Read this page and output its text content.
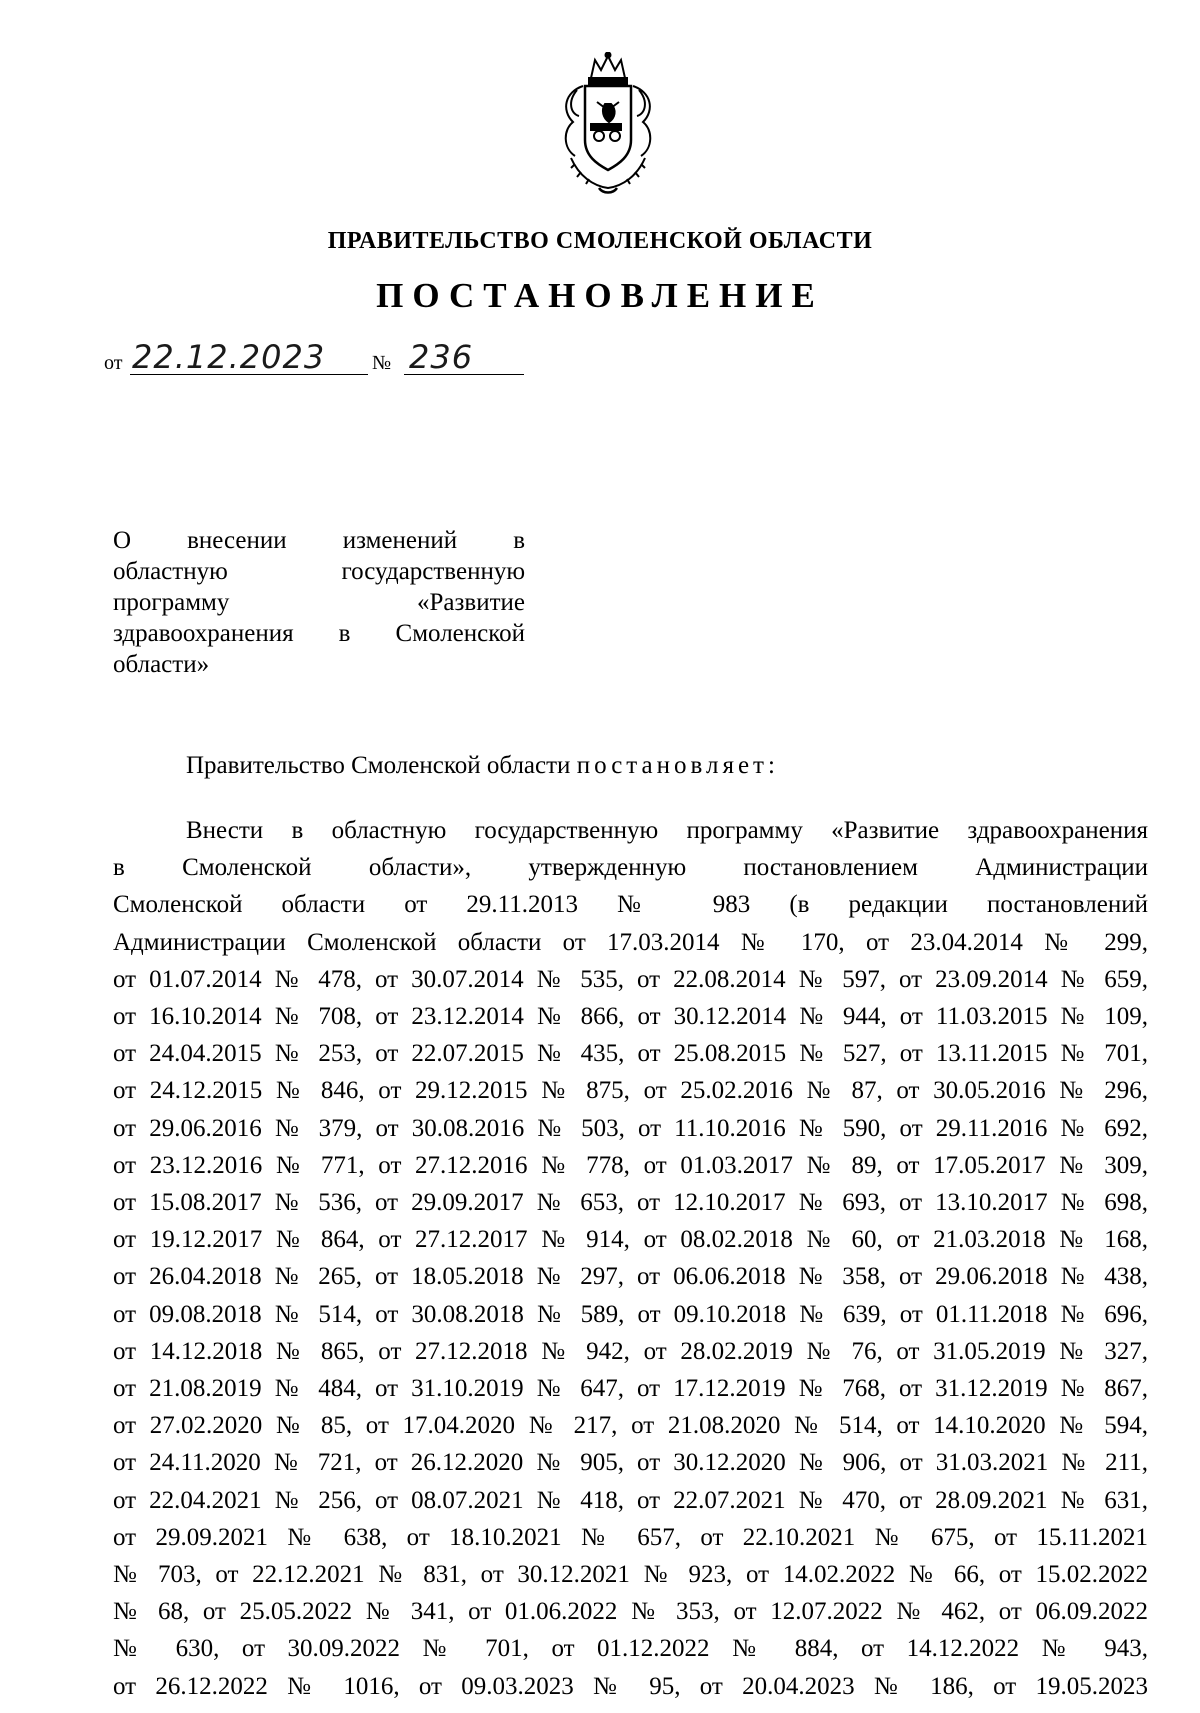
ПРАВИТЕЛЬСТВО СМОЛЕНСКОЙ ОБЛАСТИ
ПОСТАНОВЛЕНИЕ
от 22.12.2023 № 236
О внесении изменений в
областную государственную
программу «Развитие
здравоохранения в Смоленской
области»
Правительство Смоленской области постановляет:
Внести в областную государственную программу «Развитие здравоохранения
в Смоленской области», утвержденную постановлением Администрации
Смоленской области от 29.11.2013 № 983 (в редакции постановлений
Администрации Смоленской области от 17.03.2014 № 170, от 23.04.2014 № 299,
от 01.07.2014 № 478, от 30.07.2014 № 535, от 22.08.2014 № 597, от 23.09.2014 № 659,
от 16.10.2014 № 708, от 23.12.2014 № 866, от 30.12.2014 № 944, от 11.03.2015 № 109,
от 24.04.2015 № 253, от 22.07.2015 № 435, от 25.08.2015 № 527, от 13.11.2015 № 701,
от 24.12.2015 № 846, от 29.12.2015 № 875, от 25.02.2016 № 87, от 30.05.2016 № 296,
от 29.06.2016 № 379, от 30.08.2016 № 503, от 11.10.2016 № 590, от 29.11.2016 № 692,
от 23.12.2016 № 771, от 27.12.2016 № 778, от 01.03.2017 № 89, от 17.05.2017 № 309,
от 15.08.2017 № 536, от 29.09.2017 № 653, от 12.10.2017 № 693, от 13.10.2017 № 698,
от 19.12.2017 № 864, от 27.12.2017 № 914, от 08.02.2018 № 60, от 21.03.2018 № 168,
от 26.04.2018 № 265, от 18.05.2018 № 297, от 06.06.2018 № 358, от 29.06.2018 № 438,
от 09.08.2018 № 514, от 30.08.2018 № 589, от 09.10.2018 № 639, от 01.11.2018 № 696,
от 14.12.2018 № 865, от 27.12.2018 № 942, от 28.02.2019 № 76, от 31.05.2019 № 327,
от 21.08.2019 № 484, от 31.10.2019 № 647, от 17.12.2019 № 768, от 31.12.2019 № 867,
от 27.02.2020 № 85, от 17.04.2020 № 217, от 21.08.2020 № 514, от 14.10.2020 № 594,
от 24.11.2020 № 721, от 26.12.2020 № 905, от 30.12.2020 № 906, от 31.03.2021 № 211,
от 22.04.2021 № 256, от 08.07.2021 № 418, от 22.07.2021 № 470, от 28.09.2021 № 631,
от 29.09.2021 № 638, от 18.10.2021 № 657, от 22.10.2021 № 675, от 15.11.2021
№ 703, от 22.12.2021 № 831, от 30.12.2021 № 923, от 14.02.2022 № 66, от 15.02.2022
№ 68, от 25.05.2022 № 341, от 01.06.2022 № 353, от 12.07.2022 № 462, от 06.09.2022
№ 630, от 30.09.2022 № 701, от 01.12.2022 № 884, от 14.12.2022 № 943,
от 26.12.2022 № 1016, от 09.03.2023 № 95, от 20.04.2023 № 186, от 19.05.2023
